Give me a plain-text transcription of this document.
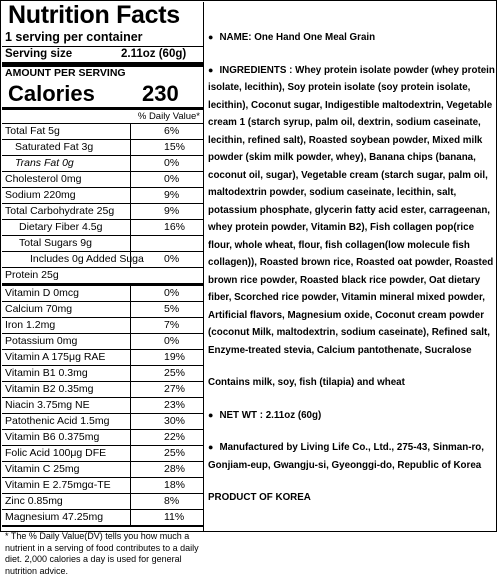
Nutrition Facts
1 serving per container
Serving size	2.11oz (60g)
AMOUNT PER SERVING
Calories 230
% Daily Value*
Total Fat 5g	6%
Saturated Fat 3g	15%
Trans Fat 0g	0%
Cholesterol 0mg	0%
Sodium 220mg	9%
Total Carbohydrate 25g	9%
Dietary Fiber 4.5g	16%
Total Sugars 9g
Includes 0g Added Suga 0%
Protein 25g
Vitamin D 0mcg	0%
Calcium 70mg	5%
Iron 1.2mg	7%
Potassium 0mg	0%
Vitamin A 175μg RAE	19%
Vitamin B1 0.3mg	25%
Vitamin B2 0.35mg	27%
Niacin 3.75mg NE	23%
Patothenic Acid 1.5mg	30%
Vitamin B6 0.375mg	22%
Folic Acid 100μg DFE	25%
Vitamin C 25mg	28%
Vitamin E 2.75mgα-TE	18%
Zinc 0.85mg	8%
Magnesium 47.25mg	11%
* The % Daily Value(DV) tells you how much a nutrient in a serving of food contributes to a daily diet. 2,000 calories a day is used for general nutrition advice.

● NAME: One Hand One Meal Grain

● INGREDIENTS : Whey protein isolate powder (whey protein isolate, lecithin), Soy protein isolate (soy protein isolate, lecithin), Coconut sugar, Indigestible maltodextrin, Vegetable cream 1 (starch syrup, palm oil, dextrin, sodium caseinate, lecithin, refined salt), Roasted soybean powder, Mixed milk powder (skim milk powder, whey), Banana chips (banana, coconut oil, sugar), Vegetable cream (starch sugar, palm oil, maltodextrin powder, sodium caseinate, lecithin, salt, potassium phosphate, glycerin fatty acid ester, carrageenan, whey protein powder, Vitamin B2), Fish collagen pop(rice flour, whole wheat, flour, fish collagen(low molecule fish collagen)), Roasted brown rice, Roasted oat powder, Roasted brown rice powder, Roasted black rice powder, Oat dietary fiber, Scorched rice powder, Vitamin mineral mixed powder, Artificial flavors, Magnesium oxide, Coconut cream powder (coconut Milk, maltodextrin, sodium caseinate), Refined salt, Enzyme-treated stevia, Calcium pantothenate, Sucralose

Contains milk, soy, fish (tilapia) and wheat

● NET WT : 2.11oz (60g)

● Manufactured by Living Life Co., Ltd., 275-43, Sinman-ro, Gonjiam-eup, Gwangju-si, Gyeonggi-do, Republic of Korea

PRODUCT OF KOREA
